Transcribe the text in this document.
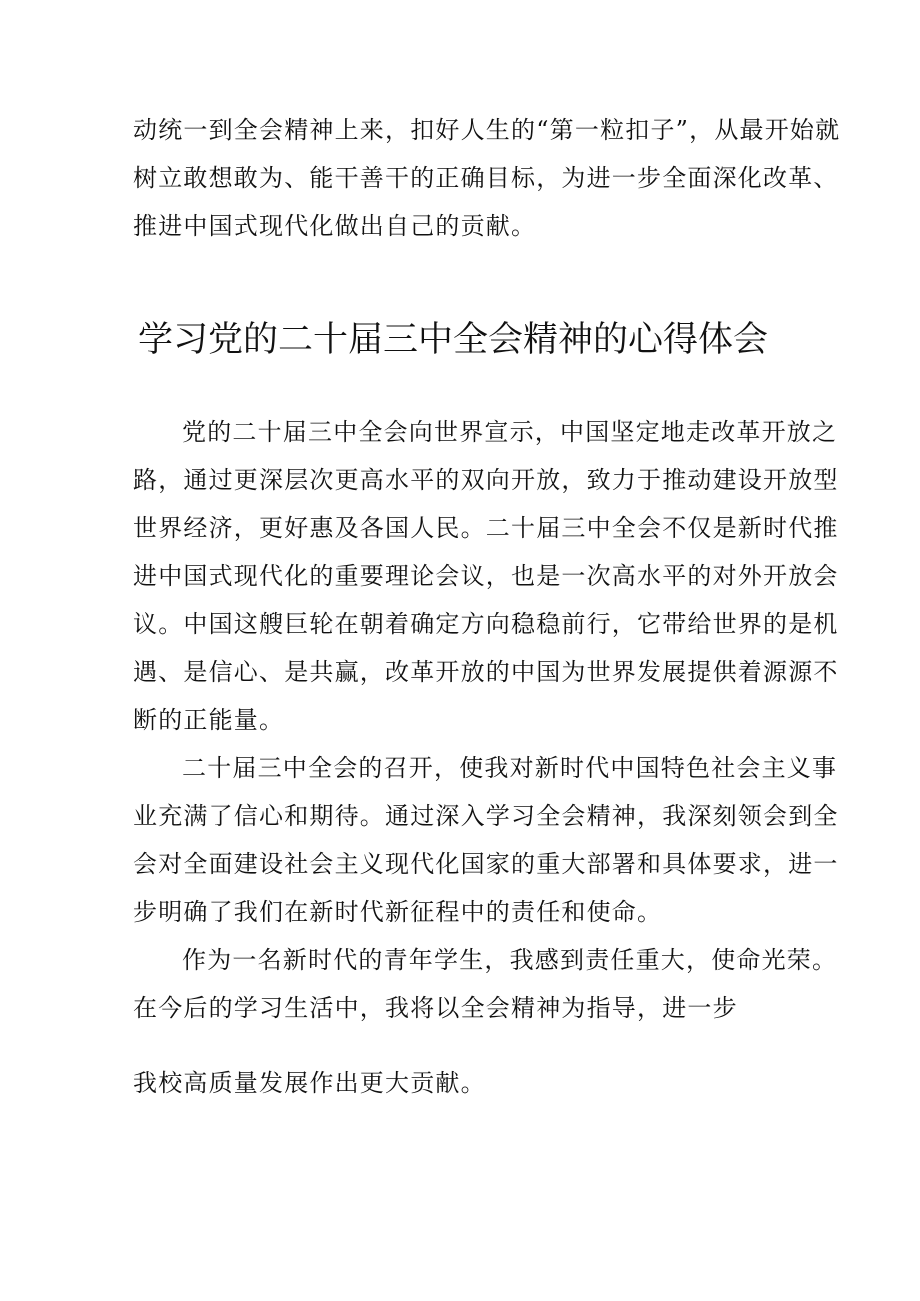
动统一到全会精神上来，扣好人生的“第一粒扣子”，从最开始就
树立敢想敢为、能干善干的正确目标，为进一步全面深化改革、
推进中国式现代化做出自己的贡献。
学习党的二十届三中全会精神的心得体会
党的二十届三中全会向世界宣示，中国坚定地走改革开放之
路，通过更深层次更高水平的双向开放，致力于推动建设开放型
世界经济，更好惠及各国人民。二十届三中全会不仅是新时代推
进中国式现代化的重要理论会议，也是一次高水平的对外开放会
议。中国这艘巨轮在朝着确定方向稳稳前行，它带给世界的是机
遇、是信心、是共赢，改革开放的中国为世界发展提供着源源不
断的正能量。
二十届三中全会的召开，使我对新时代中国特色社会主义事
业充满了信心和期待。通过深入学习全会精神，我深刻领会到全
会对全面建设社会主义现代化国家的重大部署和具体要求，进一
步明确了我们在新时代新征程中的责任和使命。
作为一名新时代的青年学生，我感到责任重大，使命光荣。
在今后的学习生活中，我将以全会精神为指导，进一步
我校高质量发展作出更大贡献。
